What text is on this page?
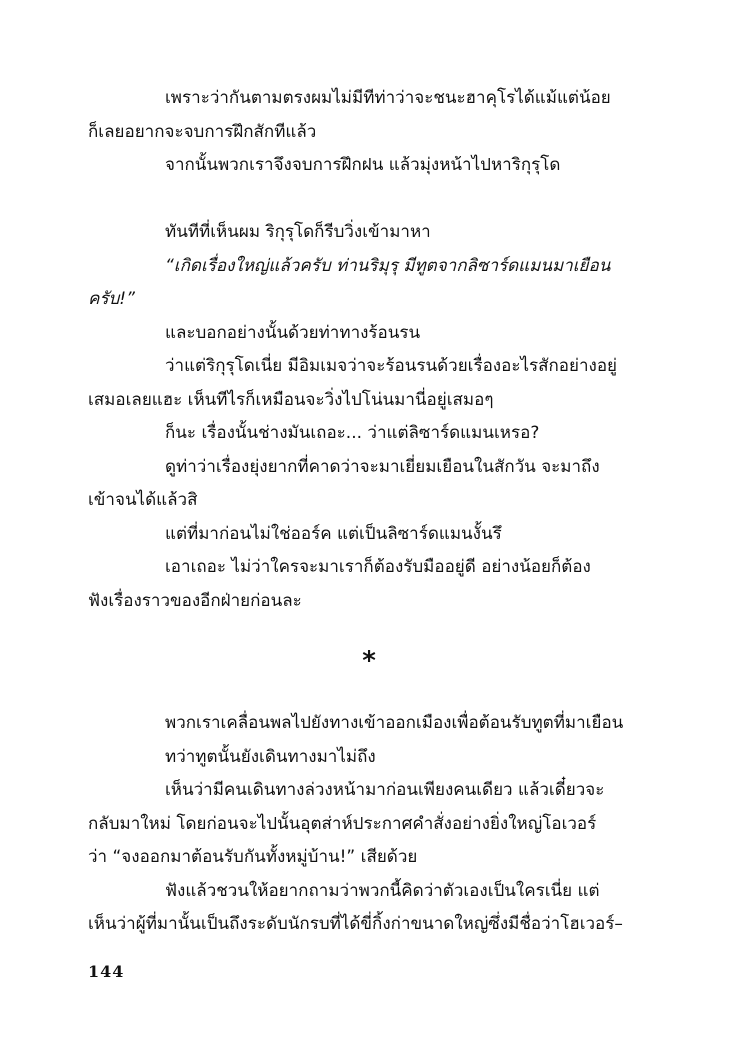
เพราะว่ากันตามตรงผมไม่มีทีท่าว่าจะชนะฮาคุโรได้แม้แต่น้อย
ก็เลยอยากจะจบการฝึกสักทีแล้ว
จากนั้นพวกเราจึงจบการฝึกฝน แล้วมุ่งหน้าไปหาริกุรุโด
ทันทีที่เห็นผม ริกุรุโดก็รีบวิ่งเข้ามาหา
“เกิดเรื่องใหญ่แล้วครับ ท่านริมุรุ มีทูตจากลิซาร์ดแมนมาเยือน
ครับ!”
และบอกอย่างนั้นด้วยท่าทางร้อนรน
ว่าแต่ริกุรุโดเนี่ย มีอิมเมจว่าจะร้อนรนด้วยเรื่องอะไรสักอย่างอยู่
เสมอเลยแฮะ เห็นทีไรก็เหมือนจะวิ่งไปโน่นมานี่อยู่เสมอๆ
ก็นะ เรื่องนั้นช่างมันเถอะ... ว่าแต่ลิซาร์ดแมนเหรอ?
ดูท่าว่าเรื่องยุ่งยากที่คาดว่าจะมาเยี่ยมเยือนในสักวัน จะมาถึง
เข้าจนได้แล้วสิ
แต่ที่มาก่อนไม่ใช่ออร์ค แต่เป็นลิซาร์ดแมนงั้นรึ
เอาเถอะ ไม่ว่าใครจะมาเราก็ต้องรับมืออยู่ดี อย่างน้อยก็ต้อง
ฟังเรื่องราวของอีกฝ่ายก่อนละ
*
พวกเราเคลื่อนพลไปยังทางเข้าออกเมืองเพื่อต้อนรับทูตที่มาเยือน
ทว่าทูตนั้นยังเดินทางมาไม่ถึง
เห็นว่ามีคนเดินทางล่วงหน้ามาก่อนเพียงคนเดียว แล้วเดี๋ยวจะ
กลับมาใหม่ โดยก่อนจะไปนั้นอุตส่าห์ประกาศคำสั่งอย่างยิ่งใหญ่โอเวอร์
ว่า “จงออกมาต้อนรับกันทั้งหมู่บ้าน!” เสียด้วย
ฟังแล้วชวนให้อยากถามว่าพวกนี้คิดว่าตัวเองเป็นใครเนี่ย แต่
เห็นว่าผู้ที่มานั้นเป็นถึงระดับนักรบที่ได้ขี่กิ้งก่าขนาดใหญ่ซึ่งมีชื่อว่าโฮเวอร์–
144
